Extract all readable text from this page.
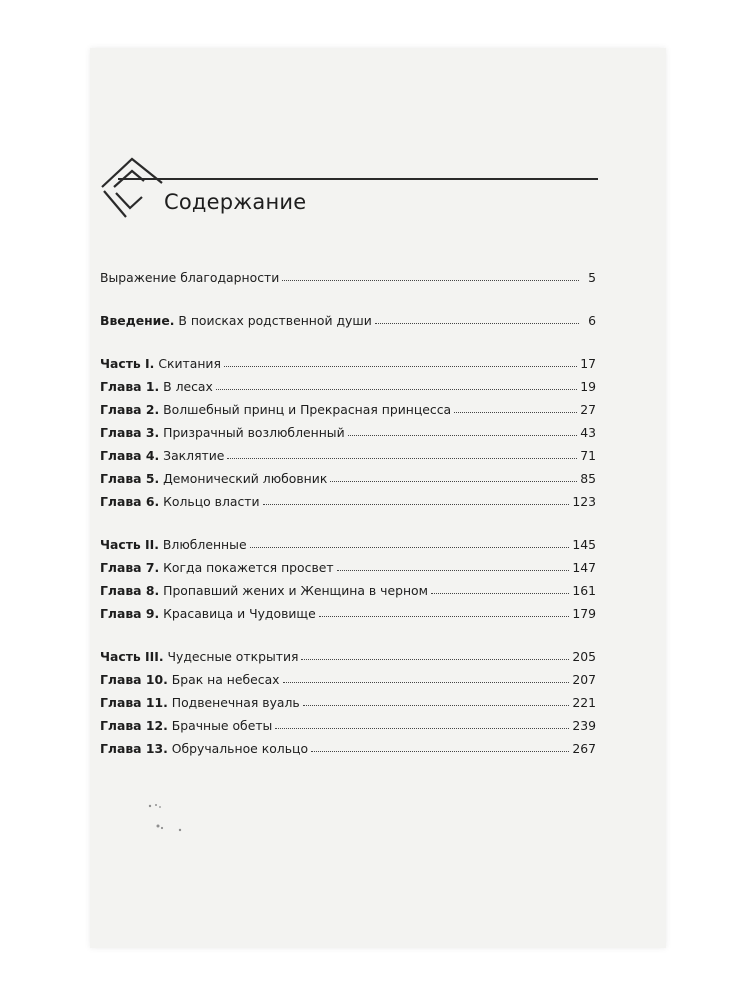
Содержание
Выражение благодарности	5
Введение. В поисках родственной души	6
Часть I. Скитания	17
Глава 1. В лесах	19
Глава 2. Волшебный принц и Прекрасная принцесса	27
Глава 3. Призрачный возлюбленный	43
Глава 4. Заклятие	71
Глава 5. Демонический любовник	85
Глава 6. Кольцо власти	123
Часть II. Влюбленные	145
Глава 7. Когда покажется просвет	147
Глава 8. Пропавший жених и Женщина в черном	161
Глава 9. Красавица и Чудовище	179
Часть III. Чудесные открытия	205
Глава 10. Брак на небесах	207
Глава 11. Подвенечная вуаль	221
Глава 12. Брачные обеты	239
Глава 13. Обручальное кольцо	267
